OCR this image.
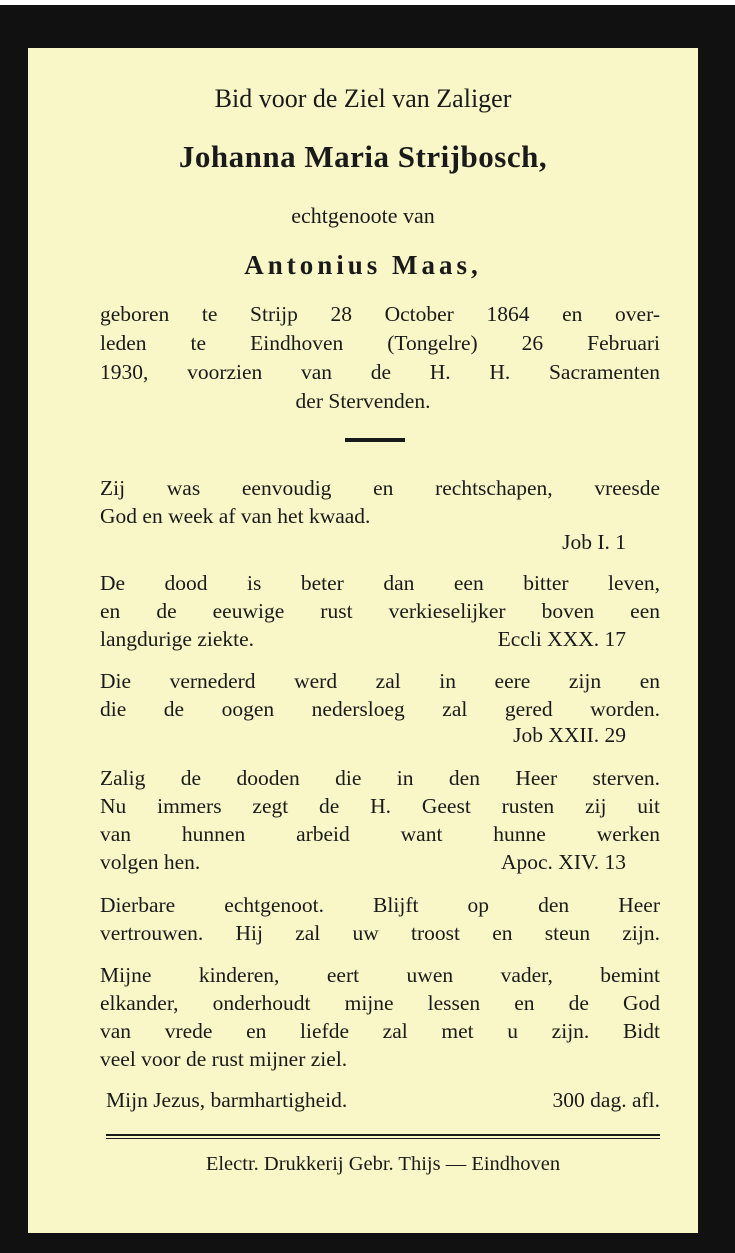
Bid voor de Ziel van Zaliger
Johanna Maria Strijbosch,
echtgenoote van
Antonius Maas,
geboren te Strijp 28 October 1864 en over-
leden te Eindhoven (Tongelre) 26 Februari
1930, voorzien van de H. H. Sacramenten
der Stervenden.
Zij was eenvoudig en rechtschapen, vreesde
God en week af van het kwaad.
Job I. 1
De dood is beter dan een bitter leven,
en de eeuwige rust verkieselijker boven een
langdurige ziekte.	Eccli XXX. 17
Die vernederd werd zal in eere zijn en
die de oogen nedersloeg zal gered worden.
Job XXII. 29
Zalig de dooden die in den Heer sterven.
Nu immers zegt de H. Geest rusten zij uit
van hunnen arbeid want hunne werken
volgen hen.	Apoc. XIV. 13
Dierbare echtgenoot. Blijft op den Heer
vertrouwen. Hij zal uw troost en steun zijn.
Mijne kinderen, eert uwen vader, bemint
elkander, onderhoudt mijne lessen en de God
van vrede en liefde zal met u zijn. Bidt
veel voor de rust mijner ziel.
Mijn Jezus, barmhartigheid.	300 dag. afl.
Electr. Drukkerij Gebr. Thijs — Eindhoven
